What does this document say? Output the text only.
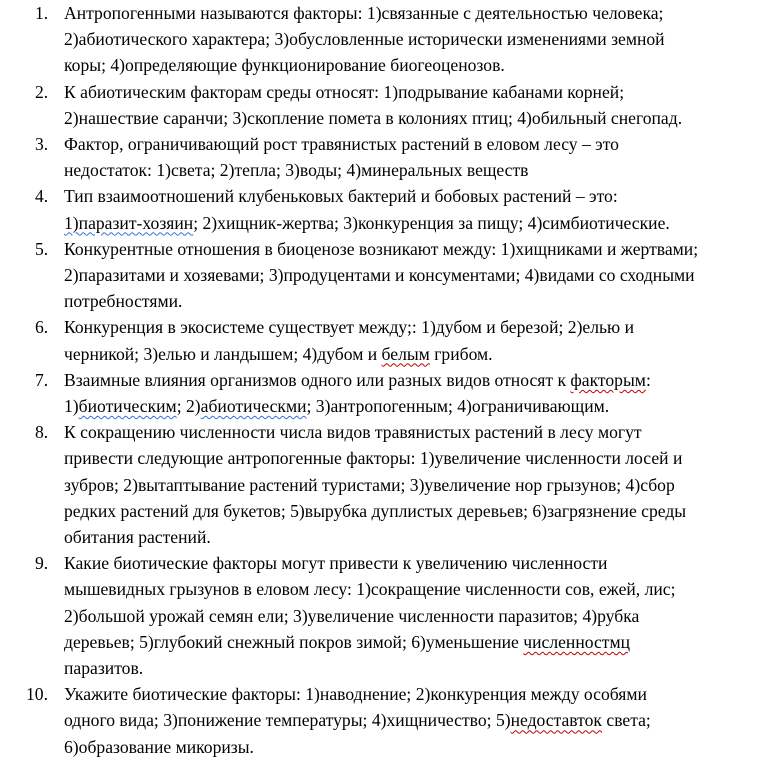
1. Антропогенными называются факторы: 1)связанные с деятельностью человека;
2)абиотического характера; 3)обусловленные исторически изменениями земной
коры; 4)определяющие функционирование биогеоценозов.
2. К абиотическим факторам среды относят: 1)подрывание кабанами корней;
2)нашествие саранчи; 3)скопление помета в колониях птиц; 4)обильный снегопад.
3. Фактор, ограничивающий рост травянистых растений в еловом лесу – это
недостаток: 1)света; 2)тепла; 3)воды; 4)минеральных веществ
4. Тип взаимоотношений клубеньковых бактерий и бобовых растений – это:
1)паразит-хозяин; 2)хищник-жертва; 3)конкуренция за пищу; 4)симбиотические.
5. Конкурентные отношения в биоценозе возникают между: 1)хищниками и жертвами;
2)паразитами и хозяевами; 3)продуцентами и консументами; 4)видами со сходными
потребностями.
6. Конкуренция в экосистеме существует между;: 1)дубом и березой; 2)елью и
черникой; 3)елью и ландышем; 4)дубом и белым грибом.
7. Взаимные влияния организмов одного или разных видов относят к факторым:
1)биотическим; 2)абиотическми; 3)антропогенным; 4)ограничивающим.
8. К сокращению численности числа видов травянистых растений в лесу могут
привести следующие антропогенные факторы: 1)увеличение численности лосей и
зубров; 2)вытаптывание растений туристами; 3)увеличение нор грызунов; 4)сбор
редких растений для букетов; 5)вырубка дуплистых деревьев; 6)загрязнение среды
обитания растений.
9. Какие биотические факторы могут привести к увеличению численности
мышевидных грызунов в еловом лесу: 1)сокращение численности сов, ежей, лис;
2)большой урожай семян ели; 3)увеличение численности паразитов; 4)рубка
деревьев; 5)глубокий снежный покров зимой; 6)уменьшение численностмц
паразитов.
10. Укажите биотические факторы: 1)наводнение; 2)конкуренция между особями
одного вида; 3)понижение температуры; 4)хищничество; 5)недоставток света;
6)образование микоризы.
